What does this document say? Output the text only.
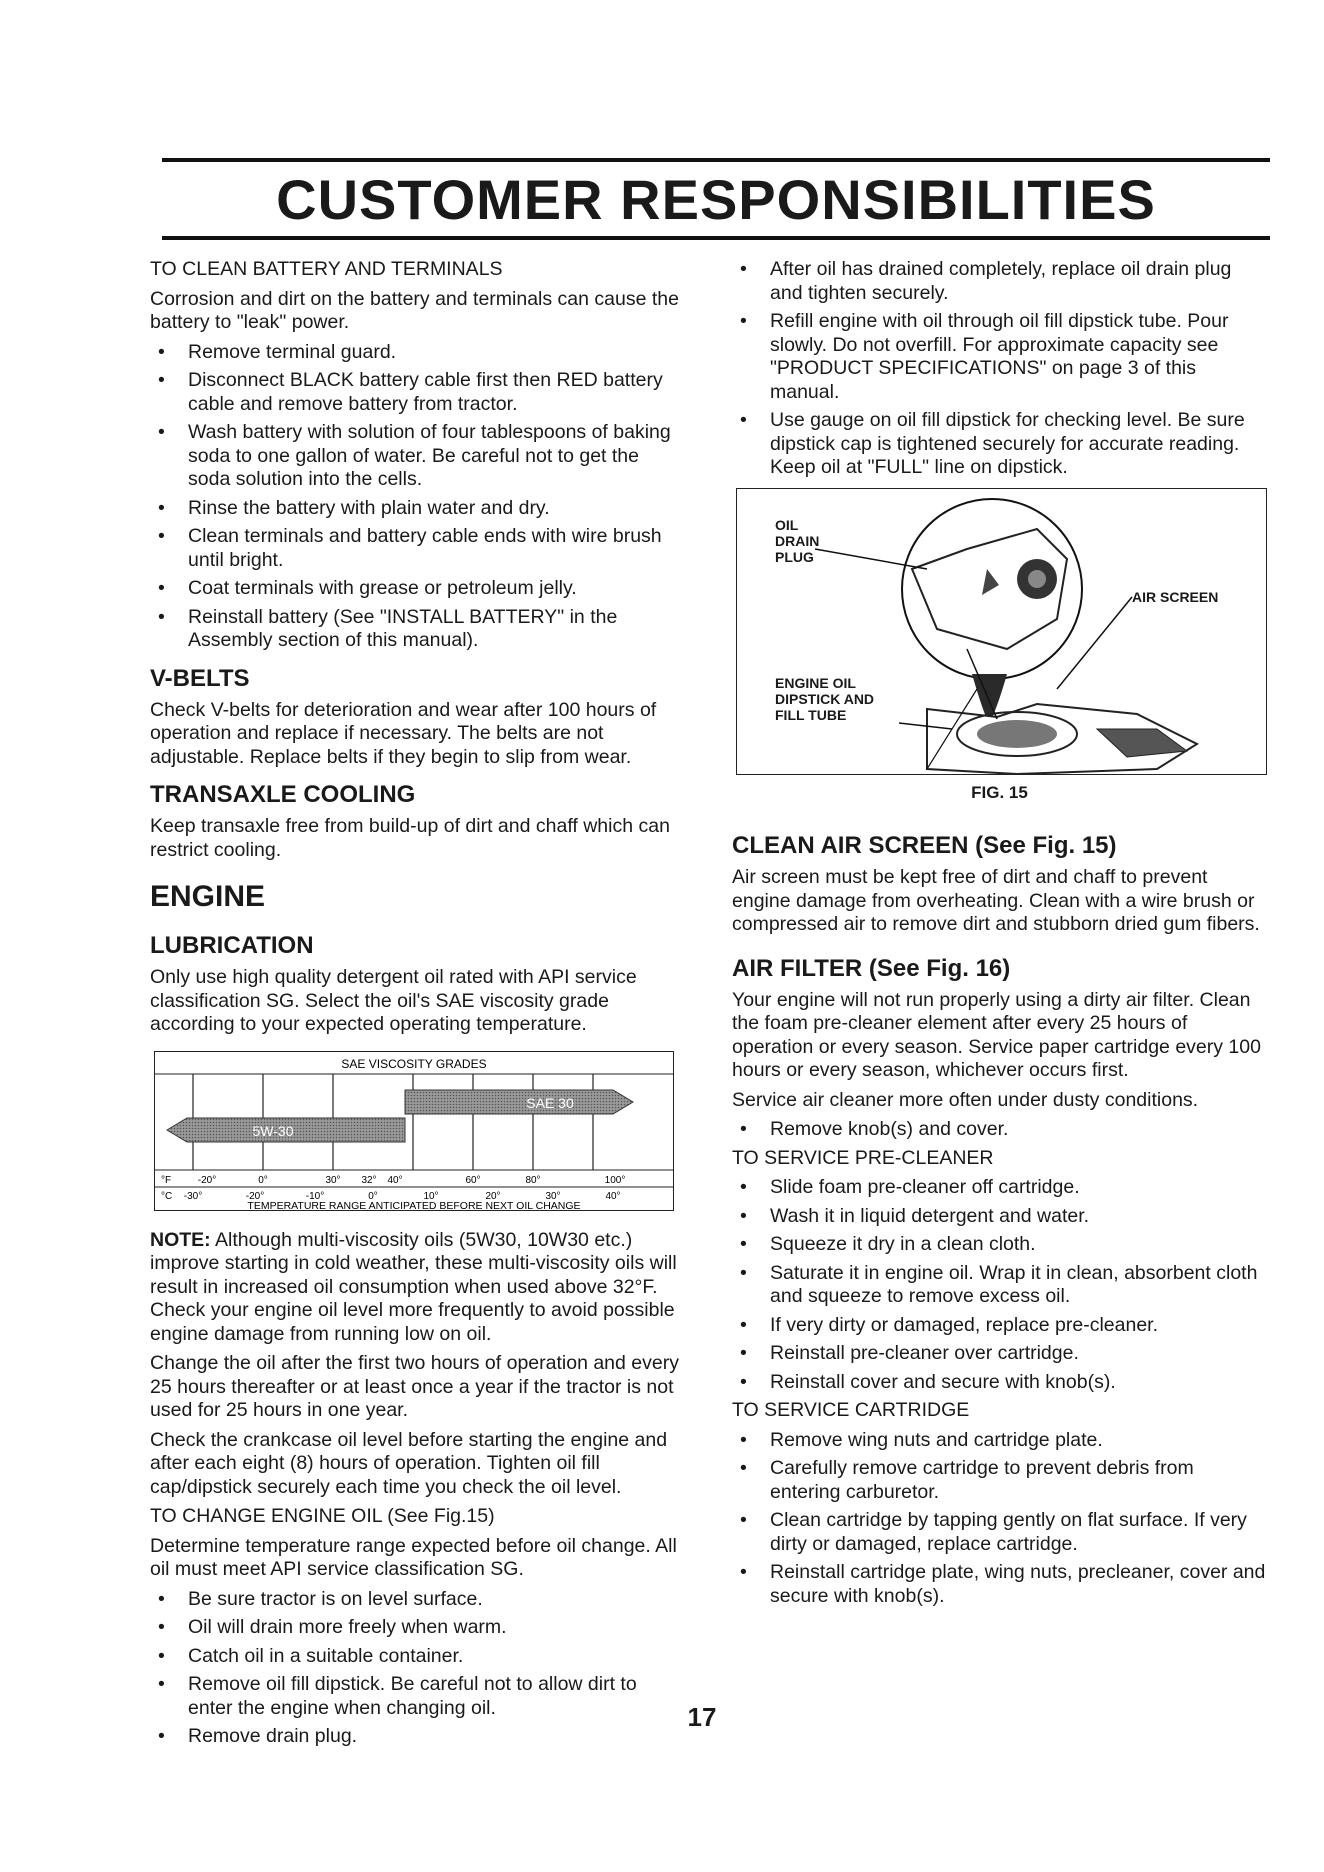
CUSTOMER RESPONSIBILITIES

TO CLEAN BATTERY AND TERMINALS

Corrosion and dirt on the battery and terminals can cause the battery to "leak" power.

• Remove terminal guard.
• Disconnect BLACK battery cable first then RED battery cable and remove battery from tractor.
• Wash battery with solution of four tablespoons of baking soda to one gallon of water. Be careful not to get the soda solution into the cells.
• Rinse the battery with plain water and dry.
• Clean terminals and battery cable ends with wire brush until bright.
• Coat terminals with grease or petroleum jelly.
• Reinstall battery (See "INSTALL BATTERY" in the Assembly section of this manual).
V-BELTS

Check V-belts for deterioration and wear after 100 hours of operation and replace if necessary. The belts are not adjustable. Replace belts if they begin to slip from wear.

TRANSAXLE COOLING

Keep transaxle free from build-up of dirt and chaff which can restrict cooling.

ENGINE
LUBRICATION

Only use high quality detergent oil rated with API service classification SG. Select the oil's SAE viscosity grade according to your expected operating temperature.

SAE VISCOSITY GRADES
SAE 30
5W-30
°F	-20°	0°	30° 32° 40°	60°	80°	100°
°C -30°	-20°	-10°	0°	10°	20°	30°	40°
TEMPERATURE RANGE ANTICIPATED BEFORE NEXT OIL CHANGE

NOTE: Although multi-viscosity oils (5W30, 10W30 etc.) improve starting in cold weather, these multi-viscosity oils will result in increased oil consumption when used above 32°F. Check your engine oil level more frequently to avoid possible engine damage from running low on oil.

Change the oil after the first two hours of operation and every 25 hours thereafter or at least once a year if the tractor is not used for 25 hours in one year.

Check the crankcase oil level before starting the engine and after each eight (8) hours of operation. Tighten oil fill cap/dipstick securely each time you check the oil level.

TO CHANGE ENGINE OIL (See Fig.15)

Determine temperature range expected before oil change. All oil must meet API service classification SG.

• Be sure tractor is on level surface.
• Oil will drain more freely when warm.
• Catch oil in a suitable container.
• Remove oil fill dipstick. Be careful not to allow dirt to enter the engine when changing oil.
• Remove drain plug.
• After oil has drained completely, replace oil drain plug and tighten securely.
• Refill engine with oil through oil fill dipstick tube. Pour slowly. Do not overfill. For approximate capacity see "PRODUCT SPECIFICATIONS" on page 3 of this manual.
• Use gauge on oil fill dipstick for checking level. Be sure dipstick cap is tightened securely for accurate reading. Keep oil at "FULL" line on dipstick.
OIL
DRAIN
PLUG
AIR SCREEN
ENGINE OIL
DIPSTICK AND
FILL TUBE
FIG. 15
CLEAN AIR SCREEN (See Fig. 15)

Air screen must be kept free of dirt and chaff to prevent engine damage from overheating. Clean with a wire brush or compressed air to remove dirt and stubborn dried gum fibers.

AIR FILTER (See Fig. 16)

Your engine will not run properly using a dirty air filter. Clean the foam pre-cleaner element after every 25 hours of operation or every season. Service paper cartridge every 100 hours or every season, whichever occurs first.

Service air cleaner more often under dusty conditions.

• Remove knob(s) and cover.

TO SERVICE PRE-CLEANER

• Slide foam pre-cleaner off cartridge.
• Wash it in liquid detergent and water.
• Squeeze it dry in a clean cloth.
• Saturate it in engine oil. Wrap it in clean, absorbent cloth and squeeze to remove excess oil.
• If very dirty or damaged, replace pre-cleaner.
• Reinstall pre-cleaner over cartridge.
• Reinstall cover and secure with knob(s).

TO SERVICE CARTRIDGE

• Remove wing nuts and cartridge plate.
• Carefully remove cartridge to prevent debris from entering carburetor.
• Clean cartridge by tapping gently on flat surface. If very dirty or damaged, replace cartridge.
• Reinstall cartridge plate, wing nuts, precleaner, cover and secure with knob(s).
17
